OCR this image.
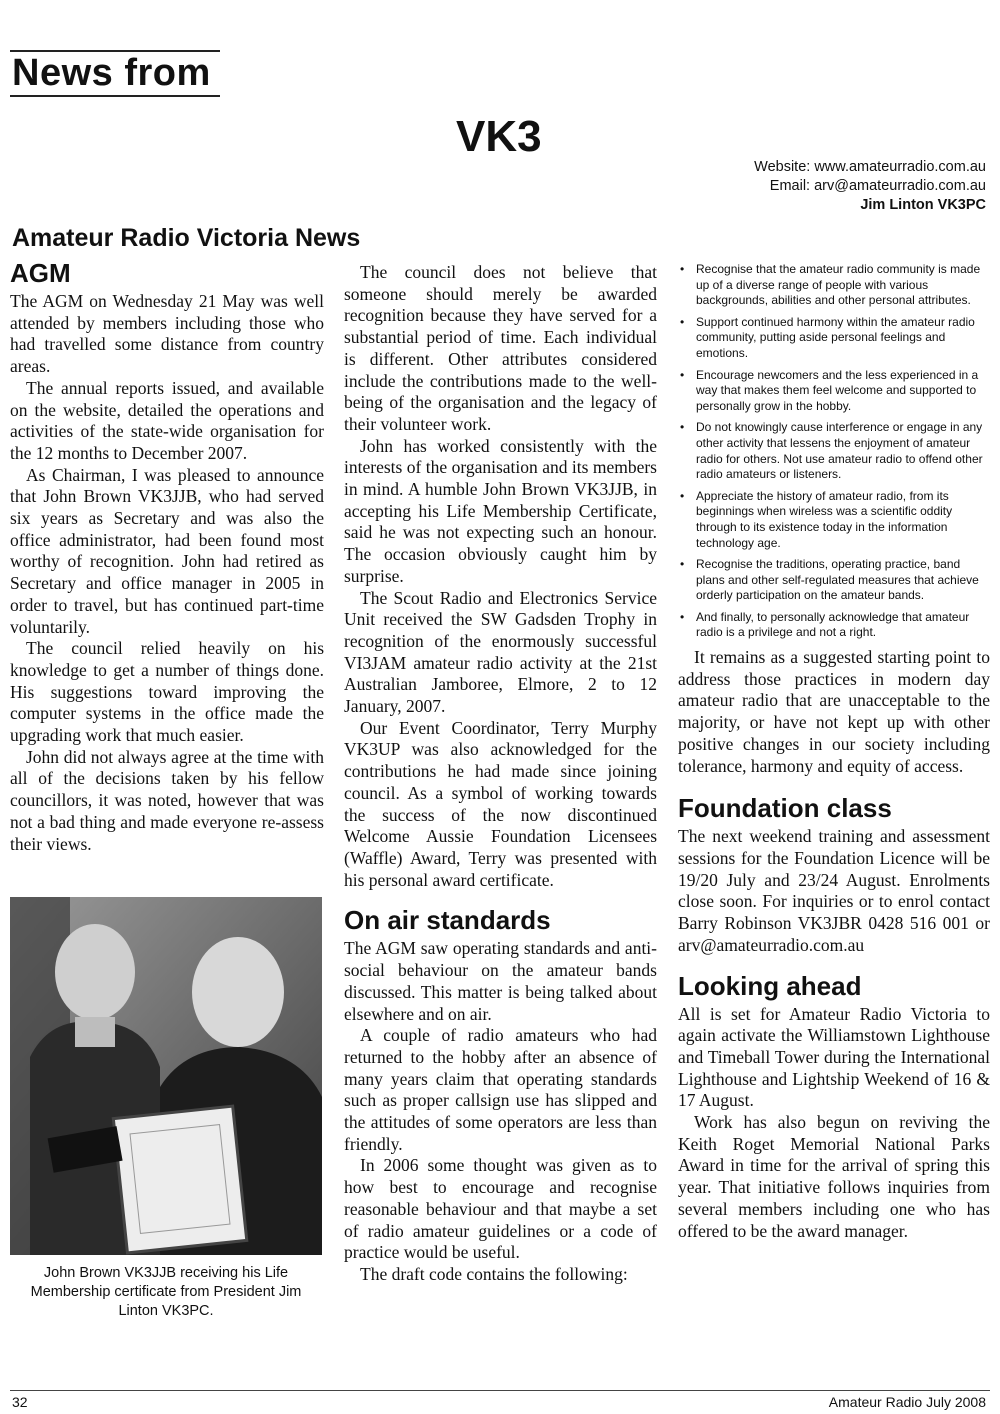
News from
VK3
Website: www.amateurradio.com.au
Email: arv@amateurradio.com.au
Jim Linton VK3PC
Amateur Radio Victoria News
AGM

The AGM on Wednesday 21 May was well attended by members including those who had travelled some distance from country areas.

The annual reports issued, and available on the website, detailed the operations and activities of the state-wide organisation for the 12 months to December 2007.

As Chairman, I was pleased to announce that John Brown VK3JJB, who had served six years as Secretary and was also the office administrator, had been found most worthy of recognition. John had retired as Secretary and office manager in 2005 in order to travel, but has continued part-time voluntarily.

The council relied heavily on his knowledge to get a number of things done. His suggestions toward improving the computer systems in the office made the upgrading work that much easier.

John did not always agree at the time with all of the decisions taken by his fellow councillors, it was noted, however that was not a bad thing and made everyone re-assess their views.

John Brown VK3JJB receiving his Life Membership certificate from President Jim Linton VK3PC.

The council does not believe that someone should merely be awarded recognition because they have served for a substantial period of time. Each individual is different. Other attributes considered include the contributions made to the well-being of the organisation and the legacy of their volunteer work.

John has worked consistently with the interests of the organisation and its members in mind. A humble John Brown VK3JJB, in accepting his Life Membership Certificate, said he was not expecting such an honour. The occasion obviously caught him by surprise.

The Scout Radio and Electronics Service Unit received the SW Gadsden Trophy in recognition of the enormously successful VI3JAM amateur radio activity at the 21st Australian Jamboree, Elmore, 2 to 12 January, 2007.

Our Event Coordinator, Terry Murphy VK3UP was also acknowledged for the contributions he had made since joining council. As a symbol of working towards the success of the now discontinued Welcome Aussie Foundation Licensees (Waffle) Award, Terry was presented with his personal award certificate.

On air standards

The AGM saw operating standards and anti-social behaviour on the amateur bands discussed. This matter is being talked about elsewhere and on air.

A couple of radio amateurs who had returned to the hobby after an absence of many years claim that operating standards such as proper callsign use has slipped and the attitudes of some operators are less than friendly.

In 2006 some thought was given as to how best to encourage and recognise reasonable behaviour and that maybe a set of radio amateur guidelines or a code of practice would be useful.

The draft code contains the following:

• Recognise that the amateur radio community is made up of a diverse range of people with various backgrounds, abilities and other personal attributes.
• Support continued harmony within the amateur radio community, putting aside personal feelings and emotions.
• Encourage newcomers and the less experienced in a way that makes them feel welcome and supported to personally grow in the hobby.
• Do not knowingly cause interference or engage in any other activity that lessens the enjoyment of amateur radio for others. Not use amateur radio to offend other radio amateurs or listeners.
• Appreciate the history of amateur radio, from its beginnings when wireless was a scientific oddity through to its existence today in the information technology age.
• Recognise the traditions, operating practice, band plans and other self-regulated measures that achieve orderly participation on the amateur bands.
• And finally, to personally acknowledge that amateur radio is a privilege and not a right.

It remains as a suggested starting point to address those practices in modern day amateur radio that are unacceptable to the majority, or have not kept up with other positive changes in our society including tolerance, harmony and equity of access.

Foundation class

The next weekend training and assessment sessions for the Foundation Licence will be 19/20 July and 23/24 August. Enrolments close soon. For inquiries or to enrol contact Barry Robinson VK3JBR 0428 516 001 or arv@amateurradio.com.au

Looking ahead

All is set for Amateur Radio Victoria to again activate the Williamstown Lighthouse and Timeball Tower during the International Lighthouse and Lightship Weekend of 16 & 17 August.

Work has also begun on reviving the Keith Roget Memorial National Parks Award in time for the arrival of spring this year. That initiative follows inquiries from several members including one who has offered to be the award manager.

32	Amateur Radio July 2008
